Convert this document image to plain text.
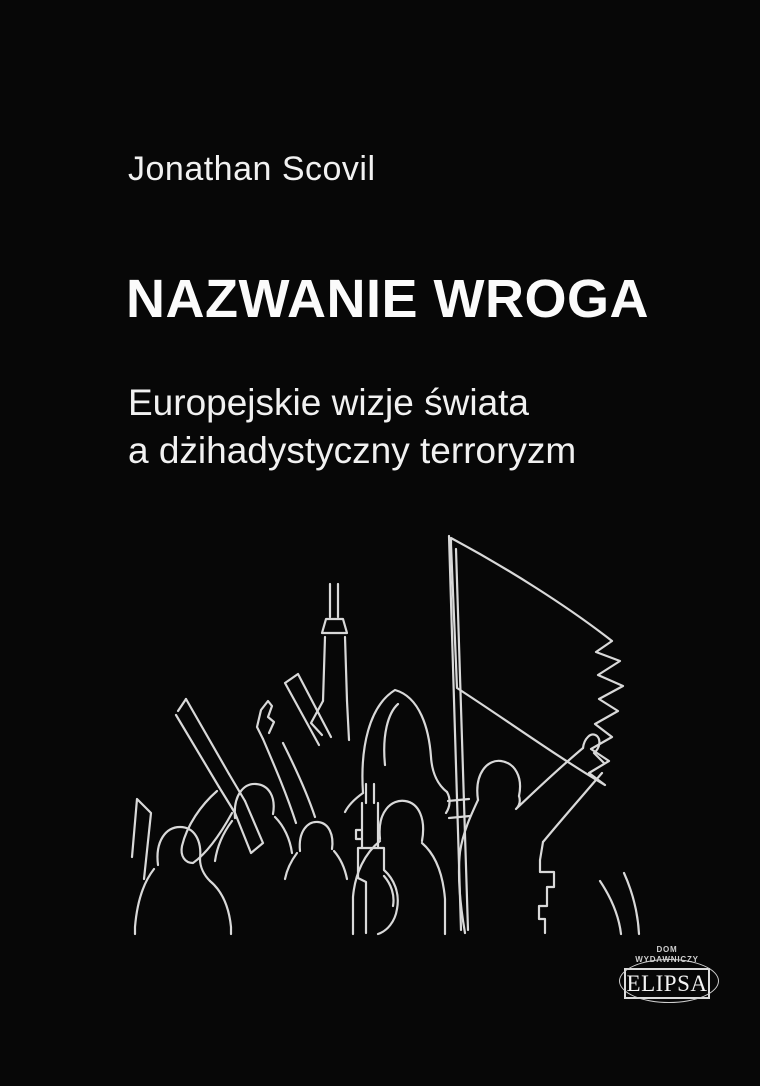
Jonathan Scovil
NAZWANIE WROGA
Europejskie wizje świata
a dżihadystyczny terroryzm
DOM
WYDAWNICZY
ELIPSA
